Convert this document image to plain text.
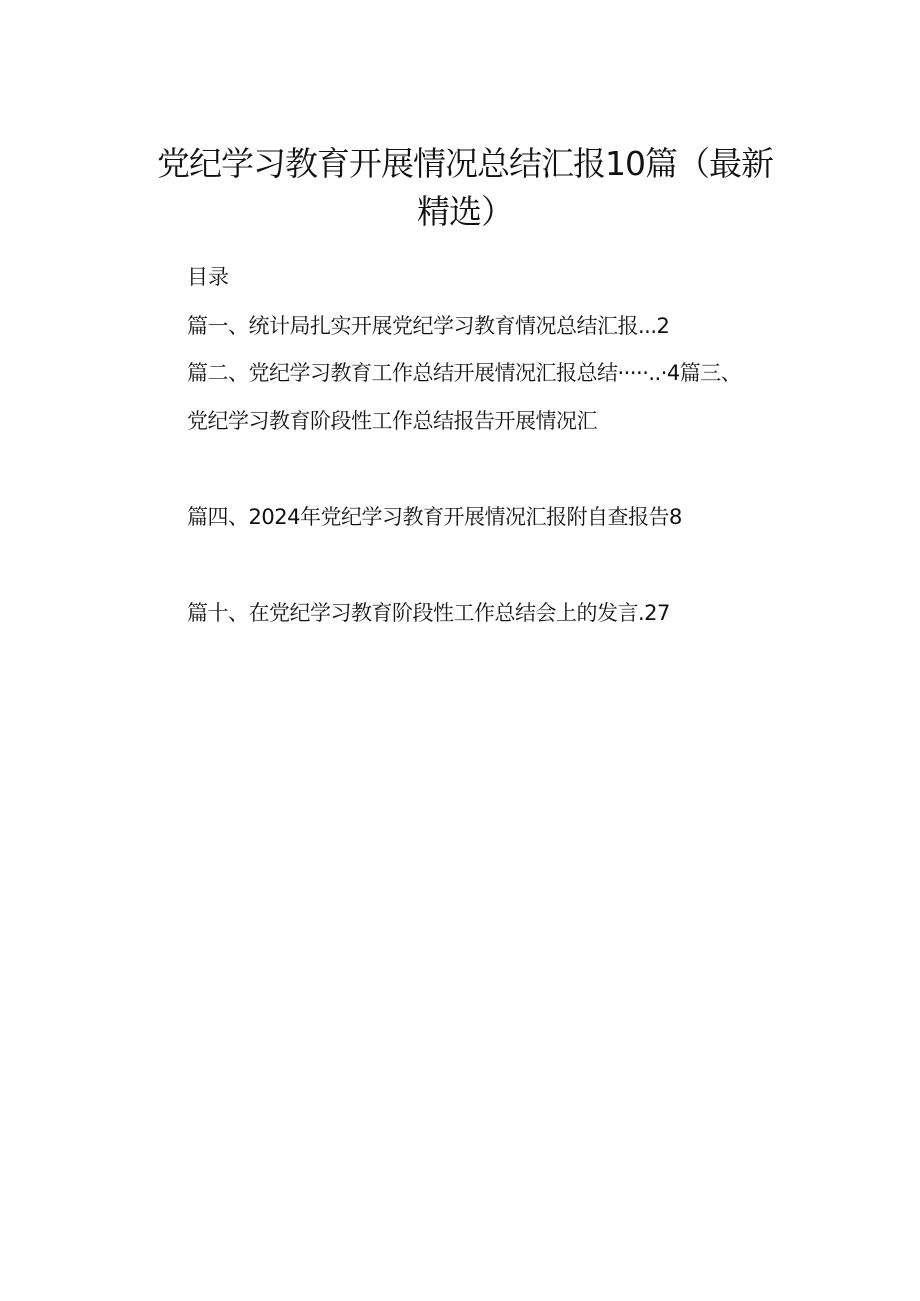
党纪学习教育开展情况总结汇报10篇（最新精选）
目录
篇一、统计局扎实开展党纪学习教育情况总结汇报...2
篇二、党纪学习教育工作总结开展情况汇报总结·····..·4篇三、
党纪学习教育阶段性工作总结报告开展情况汇
篇四、2024年党纪学习教育开展情况汇报附自查报告8
篇十、在党纪学习教育阶段性工作总结会上的发言.27
